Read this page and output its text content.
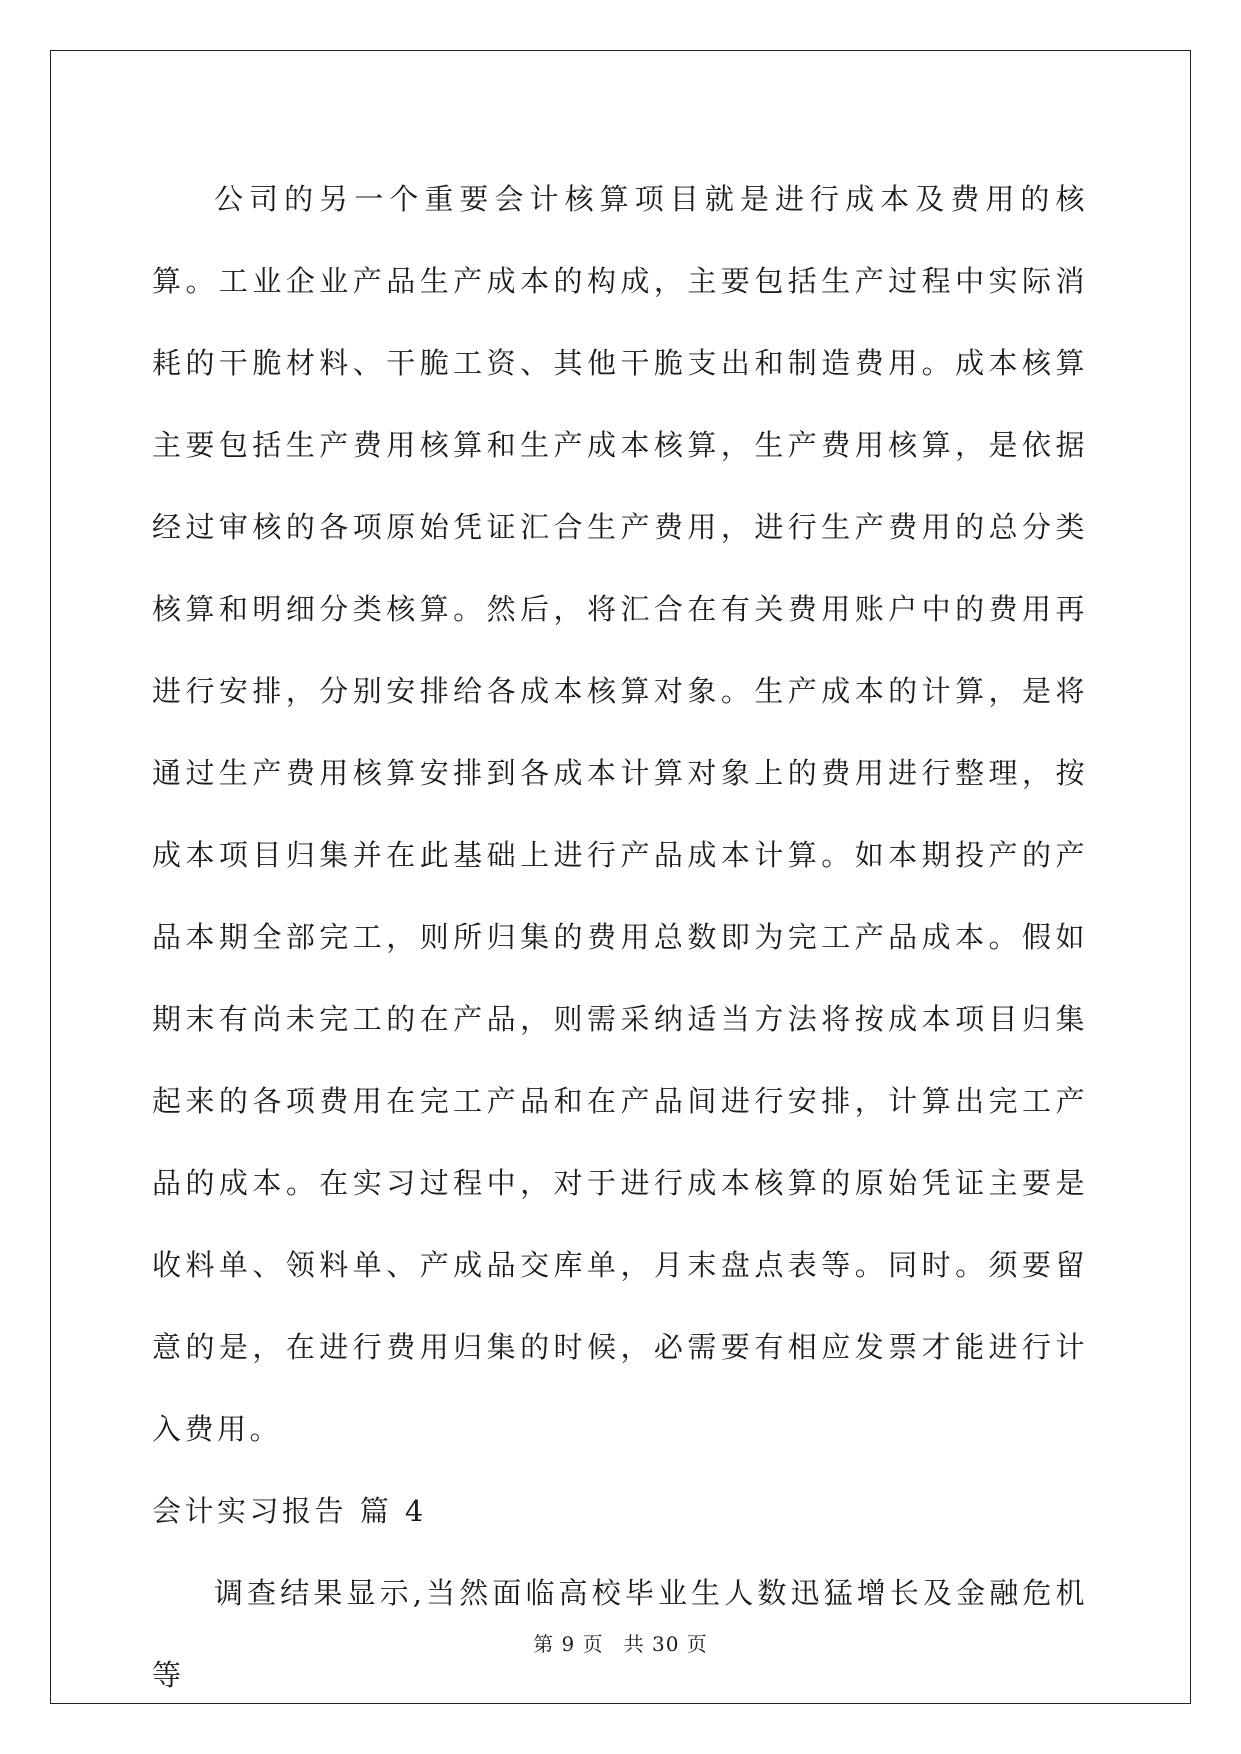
公司的另一个重要会计核算项目就是进行成本及费用的核算。工业企业产品生产成本的构成，主要包括生产过程中实际消耗的干脆材料、干脆工资、其他干脆支出和制造费用。成本核算主要包括生产费用核算和生产成本核算，生产费用核算，是依据经过审核的各项原始凭证汇合生产费用，进行生产费用的总分类核算和明细分类核算。然后，将汇合在有关费用账户中的费用再进行安排，分别安排给各成本核算对象。生产成本的计算，是将通过生产费用核算安排到各成本计算对象上的费用进行整理，按成本项目归集并在此基础上进行产品成本计算。如本期投产的产品本期全部完工，则所归集的费用总数即为完工产品成本。假如期末有尚未完工的在产品，则需采纳适当方法将按成本项目归集起来的各项费用在完工产品和在产品间进行安排，计算出完工产品的成本。在实习过程中，对于进行成本核算的原始凭证主要是收料单、领料单、产成品交库单，月末盘点表等。同时。须要留意的是，在进行费用归集的时候，必需要有相应发票才能进行计入费用。

会计实习报告 篇 4

调查结果显示,当然面临高校毕业生人数迅猛增长及金融危机等

第 9 页 共 30 页
